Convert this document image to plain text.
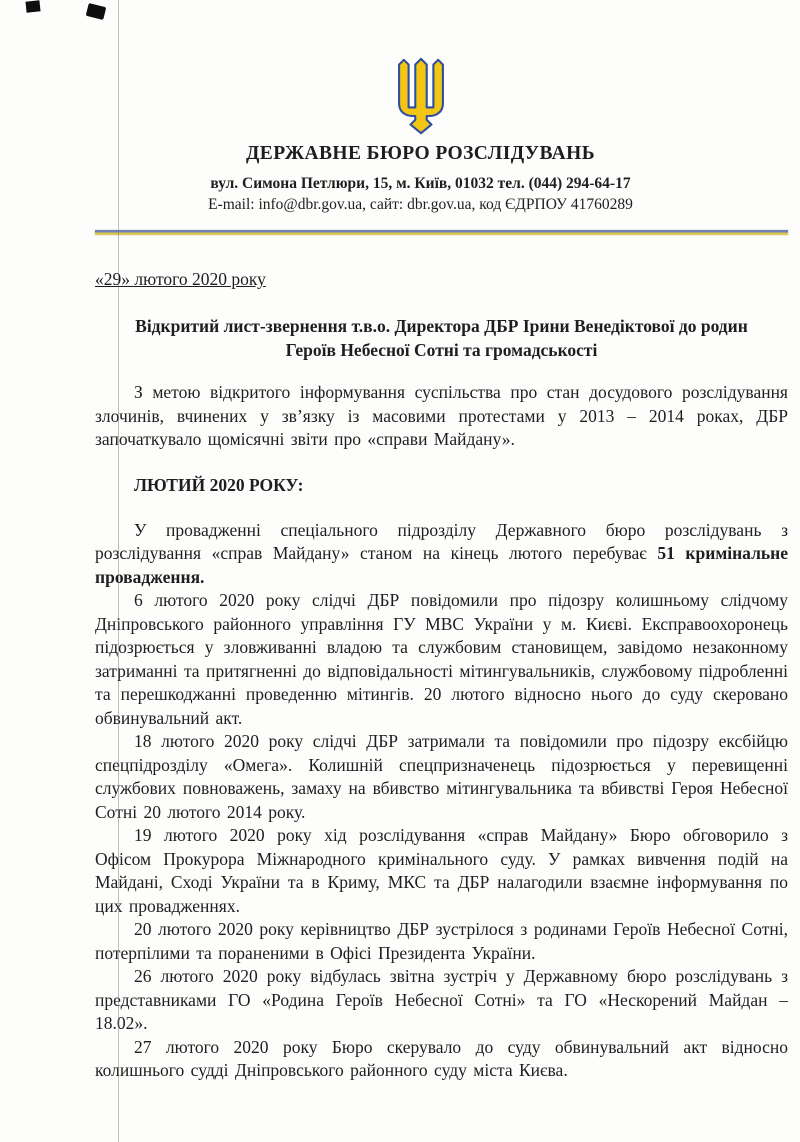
ДЕРЖАВНЕ БЮРО РОЗСЛІДУВАНЬ
вул. Симона Петлюри, 15, м. Київ, 01032 тел. (044) 294-64-17
E-mail: info@dbr.gov.ua, сайт: dbr.gov.ua, код ЄДРПОУ 41760289
«29» лютого 2020 року
Відкритий лист-звернення т.в.о. Директора ДБР Ірини Венедіктової до родин Героїв Небесної Сотні та громадськості

З метою відкритого інформування суспільства про стан досудового розслідування злочинів, вчинених у зв’язку із масовими протестами у 2013 – 2014 роках, ДБР започаткувало щомісячні звіти про «справи Майдану».

ЛЮТИЙ 2020 РОКУ:

У провадженні спеціального підрозділу Державного бюро розслідувань з розслідування «справ Майдану» станом на кінець лютого перебуває 51 кримінальне провадження.

6 лютого 2020 року слідчі ДБР повідомили про підозру колишньому слідчому Дніпровського районного управління ГУ МВС України у м. Києві. Експравоохоронець підозрюється у зловживанні владою та службовим становищем, завідомо незаконному затриманні та притягненні до відповідальності мітингувальників, службовому підробленні та перешкоджанні проведенню мітингів. 20 лютого відносно нього до суду скеровано обвинувальний акт.

18 лютого 2020 року слідчі ДБР затримали та повідомили про підозру ексбійцю спецпідрозділу «Омега». Колишній спецпризначенець підозрюється у перевищенні службових повноважень, замаху на вбивство мітингувальника та вбивстві Героя Небесної Сотні 20 лютого 2014 року.

19 лютого 2020 року хід розслідування «справ Майдану» Бюро обговорило з Офісом Прокурора Міжнародного кримінального суду. У рамках вивчення подій на Майдані, Сході України та в Криму, МКС та ДБР налагодили взаємне інформування по цих провадженнях.

20 лютого 2020 року керівництво ДБР зустрілося з родинами Героїв Небесної Сотні, потерпілими та пораненими в Офісі Президента України.

26 лютого 2020 року відбулась звітна зустріч у Державному бюро розслідувань з представниками ГО «Родина Героїв Небесної Сотні» та ГО «Нескорений Майдан – 18.02».

27 лютого 2020 року Бюро скерувало до суду обвинувальний акт відносно колишнього судді Дніпровського районного суду міста Києва.
